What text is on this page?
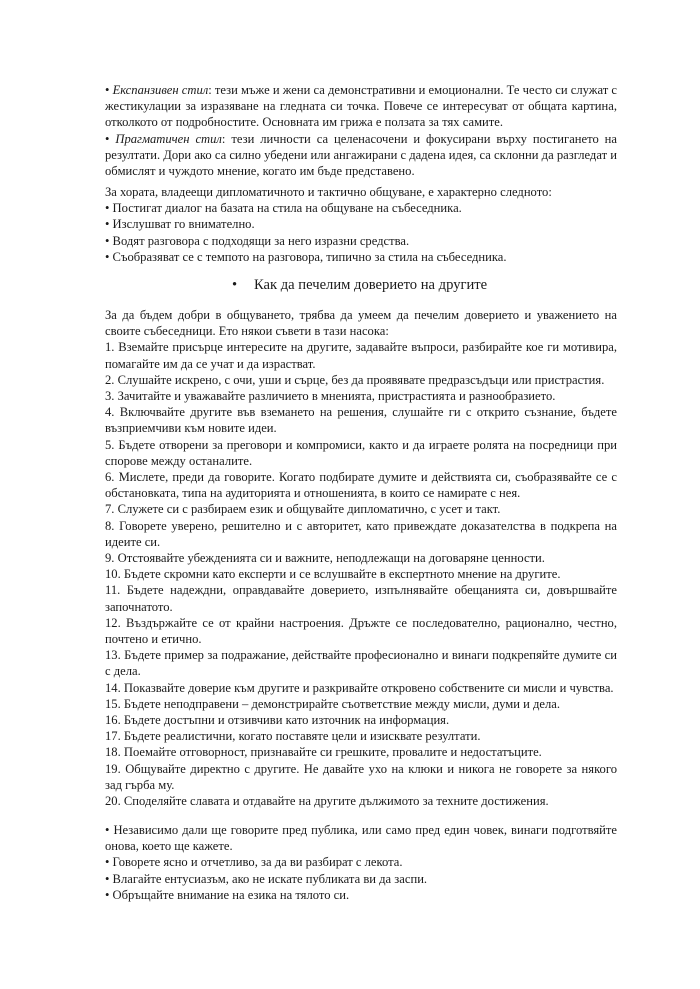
• Експанзивен стил: тези мъже и жени са демонстративни и емоционални. Те често си служат с жестикулации за изразяване на гледната си точка. Повече се интересуват от общата картина, отколкото от подробностите. Основната им грижа е ползата за тях самите.

• Прагматичен стил: тези личности са целенасочени и фокусирани върху постигането на резултати. Дори ако са силно убедени или ангажирани с дадена идея, са склонни да разгледат и обмислят и чуждото мнение, когато им бъде представено.

За хората, владеещи дипломатичното и тактично общуване, е характерно следното:

• Постигат диалог на базата на стила на общуване на събеседника.

• Изслушват го внимателно.

• Водят разговора с подходящи за него изразни средства.

• Съобразяват се с темпото на разговора, типично за стила на събеседника.

• Как да печелим доверието на другите

За да бъдем добри в общуването, трябва да умеем да печелим доверието и уважението на своите събеседници. Ето някои съвети в тази насока:

1. Вземайте присърце интересите на другите, задавайте въпроси, разбирайте кое ги мотивира, помагайте им да се учат и да израстват.

2. Слушайте искрено, с очи, уши и сърце, без да проявявате предразсъдъци или пристрастия.

3. Зачитайте и уважавайте различието в мненията, пристрастията и разнообразието.

4. Включвайте другите във вземането на решения, слушайте ги с открито съзнание, бъдете възприемчиви към новите идеи.

5. Бъдете отворени за преговори и компромиси, както и да играете ролята на посредници при спорове между останалите.

6. Мислете, преди да говорите. Когато подбирате думите и действията си, съобразявайте се с обстановката, типа на аудиторията и отношенията, в които се намирате с нея.

7. Служете си с разбираем език и общувайте дипломатично, с усет и такт.

8. Говорете уверено, решително и с авторитет, като привеждате доказателства в подкрепа на идеите си.

9. Отстоявайте убежденията си и важните, неподлежащи на договаряне ценности.

10. Бъдете скромни като експерти и се вслушвайте в експертното мнение на другите.

11. Бъдете надеждни, оправдавайте доверието, изпълнявайте обещанията си, довършвайте започнатото.

12. Въздържайте се от крайни настроения. Дръжте се последователно, рационално, честно, почтено и етично.

13. Бъдете пример за подражание, действайте професионално и винаги подкрепяйте думите си с дела.

14. Показвайте доверие към другите и разкривайте откровено собствените си мисли и чувства.

15. Бъдете неподправени – демонстрирайте съответствие между мисли, думи и дела.

16. Бъдете достъпни и отзивчиви като източник на информация.

17. Бъдете реалистични, когато поставяте цели и изисквате резултати.

18. Поемайте отговорност, признавайте си грешките, провалите и недостатъците.

19. Общувайте директно с другите. Не давайте ухо на клюки и никога не говорете за някого зад гърба му.

20. Споделяйте славата и отдавайте на другите дължимото за техните достижения.

• Независимо дали ще говорите пред публика, или само пред един човек, винаги подготвяйте онова, което ще кажете.

• Говорете ясно и отчетливо, за да ви разбират с лекота.

• Влагайте ентусиазъм, ако не искате публиката ви да заспи.

• Обръщайте внимание на езика на тялото си.
